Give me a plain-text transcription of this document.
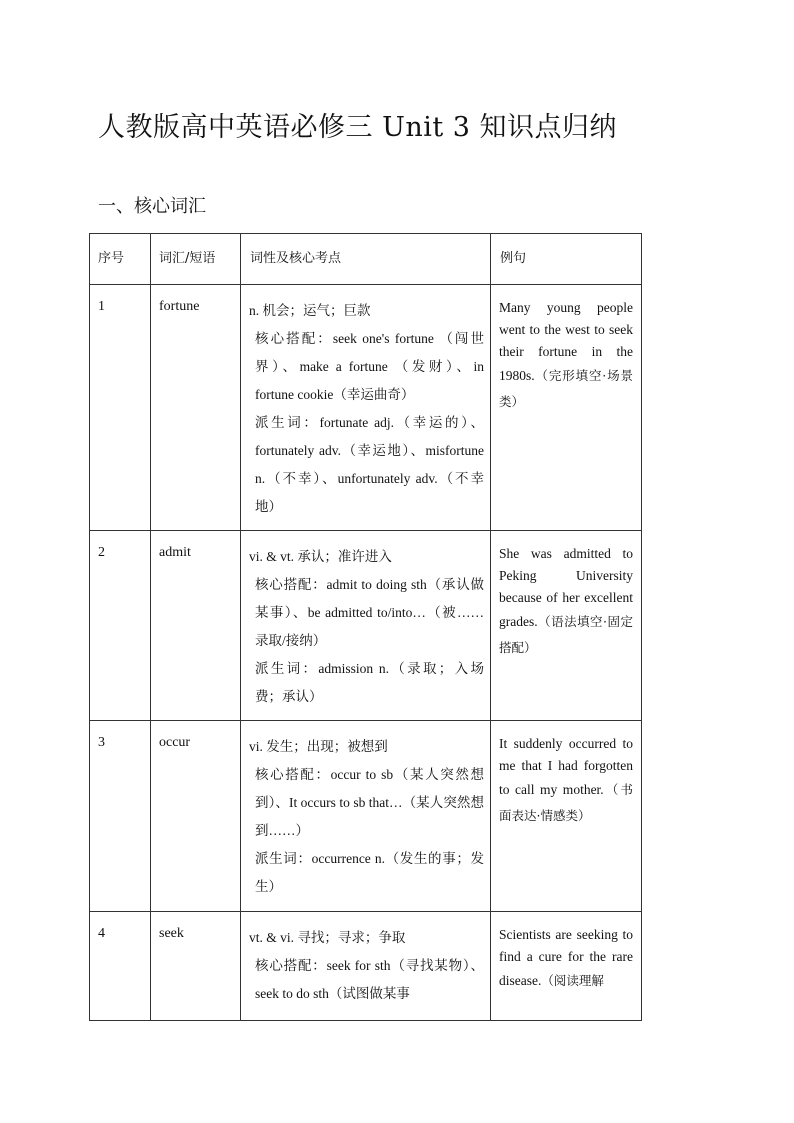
人教版高中英语必修三 Unit 3 知识点归纳
一、核心词汇
序号	词汇/短语	词性及核心考点	例句

1	fortune	n. 机会；运气；巨款
核心搭配：seek one's fortune （闯世界）、make a fortune （发财）、in fortune cookie（幸运曲奇）
派生词：fortunate adj.（幸运的）、fortunately adv.（幸运地）、misfortune n.（不幸）、unfortunately adv.（不幸地）	Many young people went to the west to seek their fortune in the 1980s.（完形填空·场景类）

2	admit	vi. & vt. 承认；准许进入
核心搭配：admit to doing sth（承认做某事）、be admitted to/into…（被……录取/接纳）
派生词：admission n.（录取；入场费；承认）	She was admitted to Peking University because of her excellent grades.（语法填空·固定搭配）

3	occur	vi. 发生；出现；被想到
核心搭配：occur to sb（某人突然想到）、It occurs to sb that…（某人突然想到……）
派生词：occurrence n.（发生的事；发生）	It suddenly occurred to me that I had forgotten to call my mother.（书面表达·情感类）

4	seek	vt. & vi. 寻找；寻求；争取
核心搭配：seek for sth（寻找某物）、seek to do sth（试图做某事	Scientists are seeking to find a cure for the rare disease.（阅读理解
